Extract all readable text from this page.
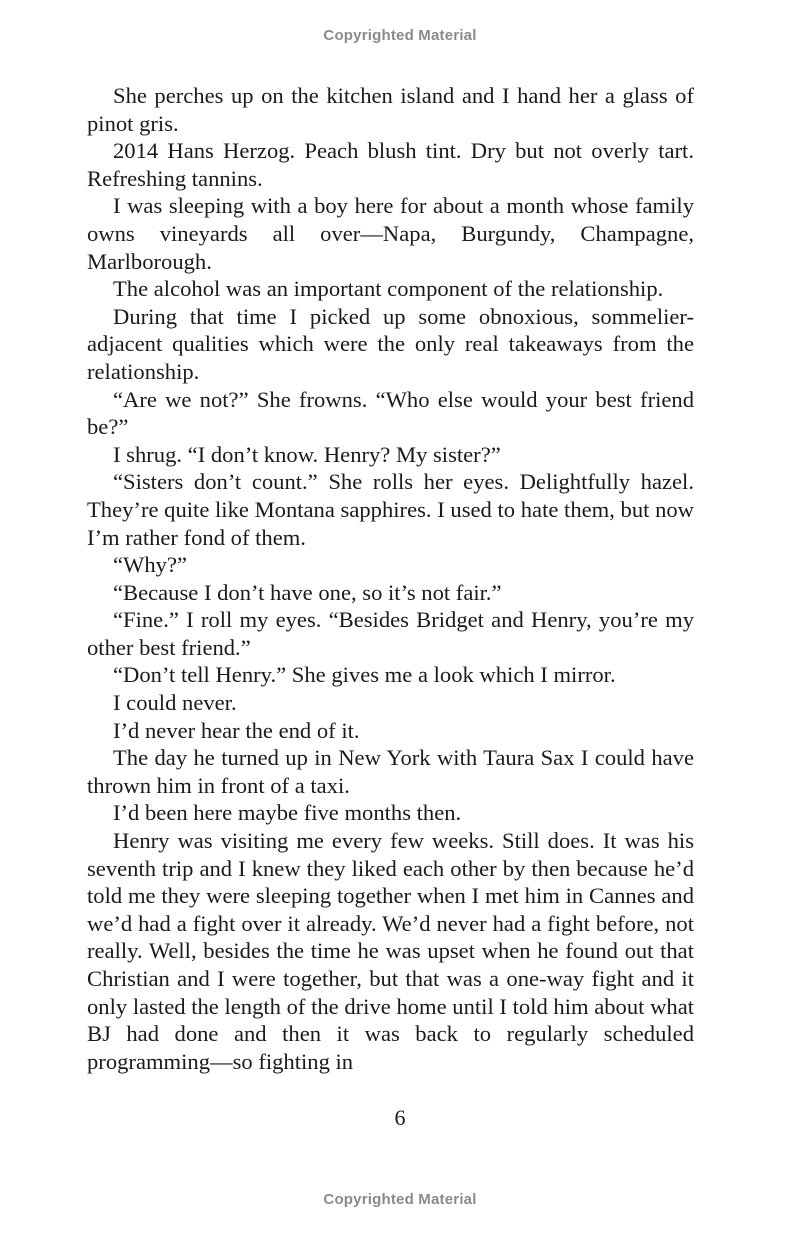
Copyrighted Material

She perches up on the kitchen island and I hand her a glass of pinot gris.

2014 Hans Herzog. Peach blush tint. Dry but not overly tart. Refreshing tannins.

I was sleeping with a boy here for about a month whose family owns vineyards all over—Napa, Burgundy, Champagne, Marlborough.

The alcohol was an important component of the relationship.

During that time I picked up some obnoxious, sommelier-adjacent qualities which were the only real takeaways from the relationship.

“Are we not?” She frowns. “Who else would your best friend be?”

I shrug. “I don’t know. Henry? My sister?”

“Sisters don’t count.” She rolls her eyes. Delightfully hazel. They’re quite like Montana sapphires. I used to hate them, but now I’m rather fond of them.

“Why?”

“Because I don’t have one, so it’s not fair.”

“Fine.” I roll my eyes. “Besides Bridget and Henry, you’re my other best friend.”

“Don’t tell Henry.” She gives me a look which I mirror.

I could never.

I’d never hear the end of it.

The day he turned up in New York with Taura Sax I could have thrown him in front of a taxi.

I’d been here maybe five months then.

Henry was visiting me every few weeks. Still does. It was his seventh trip and I knew they liked each other by then because he’d told me they were sleeping together when I met him in Cannes and we’d had a fight over it already. We’d never had a fight before, not really. Well, besides the time he was upset when he found out that Christian and I were together, but that was a one-way fight and it only lasted the length of the drive home until I told him about what BJ had done and then it was back to regularly scheduled programming—so fighting in

6
Copyrighted Material
